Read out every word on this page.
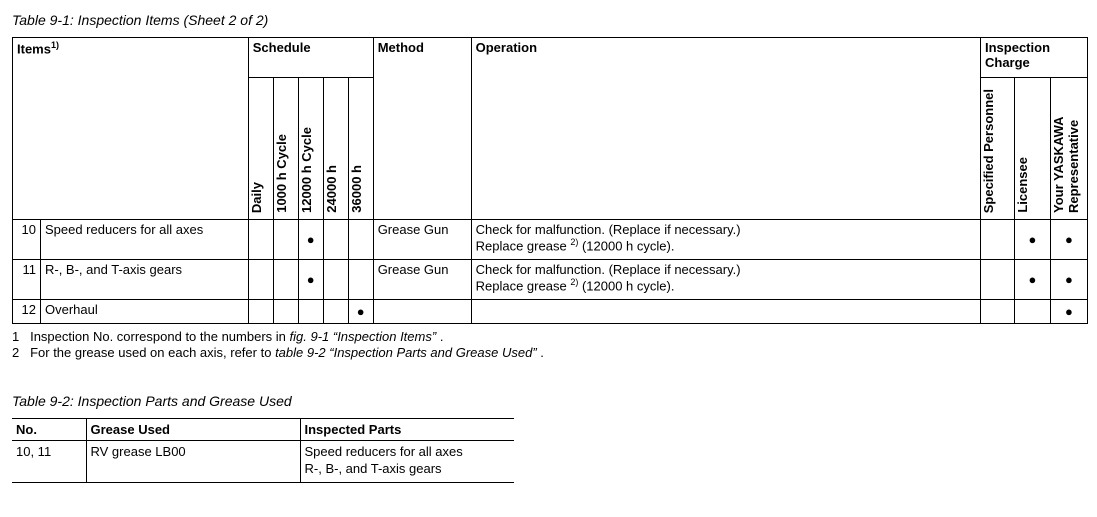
Table 9-1: Inspection Items (Sheet 2 of 2)
Items$^{1)}$		Schedule					Method	Operation	Inspection Charge		
		Daily	1000 h Cycle	12000 h Cycle	24000 h	36000 h			Specified Personnel	Licensee	Your YASKAWA Representative
10	Speed reducers for all axes			●			Grease Gun	Check for malfunction. (Replace if necessary.)
Replace grease $^{2)}$ (12000 h cycle).		●	●
11	R-, B-, and T-axis gears			●			Grease Gun	Check for malfunction. (Replace if necessary.)
Replace grease $^{2)}$ (12000 h cycle).		●	●
12	Overhaul					●					●
1 Inspection No. correspond to the numbers in fig. 9-1 “Inspection Items” .
2 For the grease used on each axis, refer to table 9-2 “Inspection Parts and Grease Used” .
Table 9-2: Inspection Parts and Grease Used
No.	Grease Used	Inspected Parts
10, 11	RV grease LB00	Speed reducers for all axes
R-, B-, and T-axis gears
